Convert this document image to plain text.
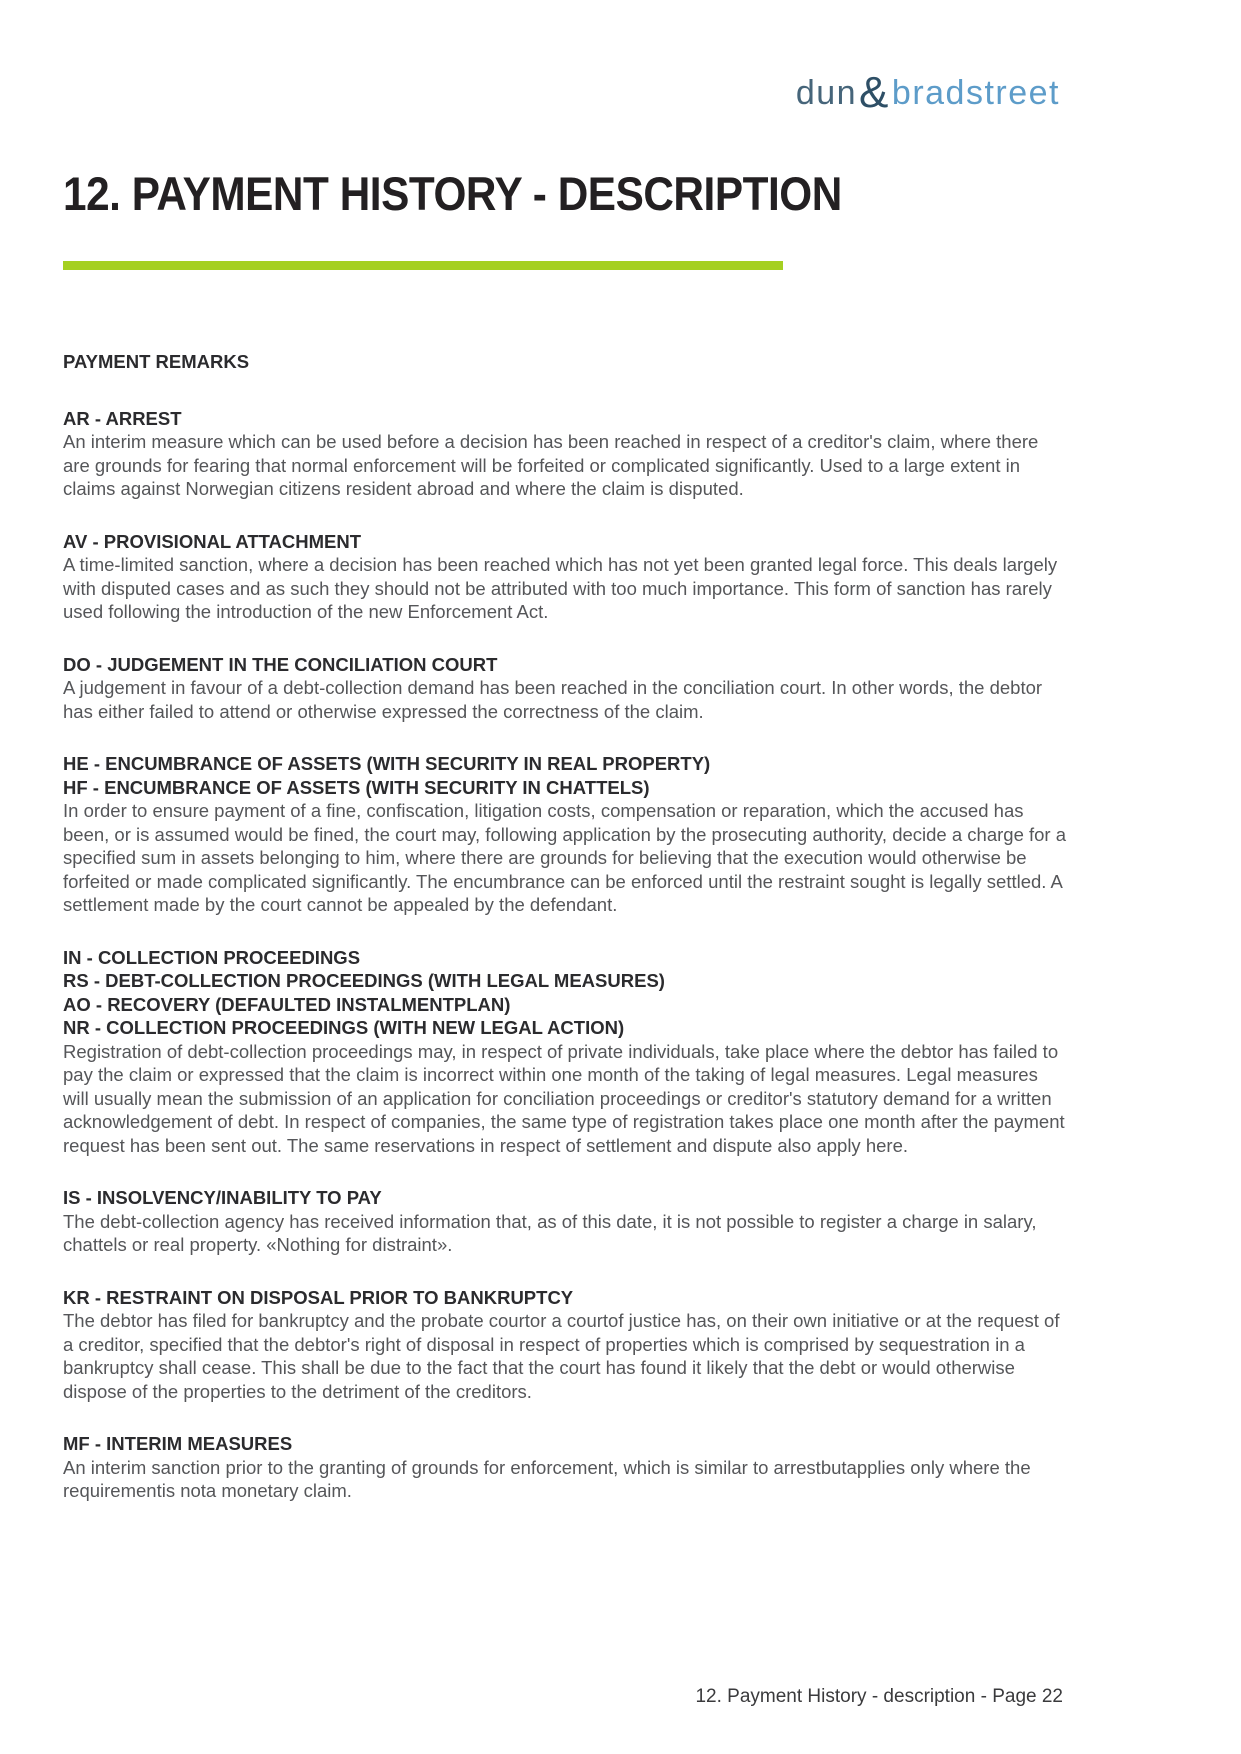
dun&bradstreet
12. PAYMENT HISTORY - DESCRIPTION
PAYMENT REMARKS
AR - ARREST

An interim measure which can be used before a decision has been reached in respect of a creditor's claim, where there are grounds for fearing that normal enforcement will be forfeited or complicated significantly. Used to a large extent in claims against Norwegian citizens resident abroad and where the claim is disputed.

AV - PROVISIONAL ATTACHMENT

A time-limited sanction, where a decision has been reached which has not yet been granted legal force. This deals largely with disputed cases and as such they should not be attributed with too much importance. This form of sanction has rarely used following the introduction of the new Enforcement Act.

DO - JUDGEMENT IN THE CONCILIATION COURT

A judgement in favour of a debt-collection demand has been reached in the conciliation court. In other words, the debtor has either failed to attend or otherwise expressed the correctness of the claim.

HE - ENCUMBRANCE OF ASSETS (WITH SECURITY IN REAL PROPERTY)
HF - ENCUMBRANCE OF ASSETS (WITH SECURITY IN CHATTELS)

In order to ensure payment of a fine, confiscation, litigation costs, compensation or reparation, which the accused has been, or is assumed would be fined, the court may, following application by the prosecuting authority, decide a charge for a specified sum in assets belonging to him, where there are grounds for believing that the execution would otherwise be forfeited or made complicated significantly. The encumbrance can be enforced until the restraint sought is legally settled. A settlement made by the court cannot be appealed by the defendant.

IN - COLLECTION PROCEEDINGS
RS - DEBT-COLLECTION PROCEEDINGS (WITH LEGAL MEASURES)
AO - RECOVERY (DEFAULTED INSTALMENTPLAN)
NR - COLLECTION PROCEEDINGS (WITH NEW LEGAL ACTION)

Registration of debt-collection proceedings may, in respect of private individuals, take place where the debtor has failed to pay the claim or expressed that the claim is incorrect within one month of the taking of legal measures. Legal measures will usually mean the submission of an application for conciliation proceedings or creditor's statutory demand for a written acknowledgement of debt. In respect of companies, the same type of registration takes place one month after the payment request has been sent out. The same reservations in respect of settlement and dispute also apply here.

IS - INSOLVENCY/INABILITY TO PAY

The debt-collection agency has received information that, as of this date, it is not possible to register a charge in salary, chattels or real property. «Nothing for distraint».

KR - RESTRAINT ON DISPOSAL PRIOR TO BANKRUPTCY

The debtor has filed for bankruptcy and the probate courtor a courtof justice has, on their own initiative or at the request of a creditor, specified that the debtor's right of disposal in respect of properties which is comprised by sequestration in a bankruptcy shall cease. This shall be due to the fact that the court has found it likely that the debt or would otherwise dispose of the properties to the detriment of the creditors.

MF - INTERIM MEASURES

An interim sanction prior to the granting of grounds for enforcement, which is similar to arrestbutapplies only where the requirementis nota monetary claim.

12. Payment History - description - Page 22
